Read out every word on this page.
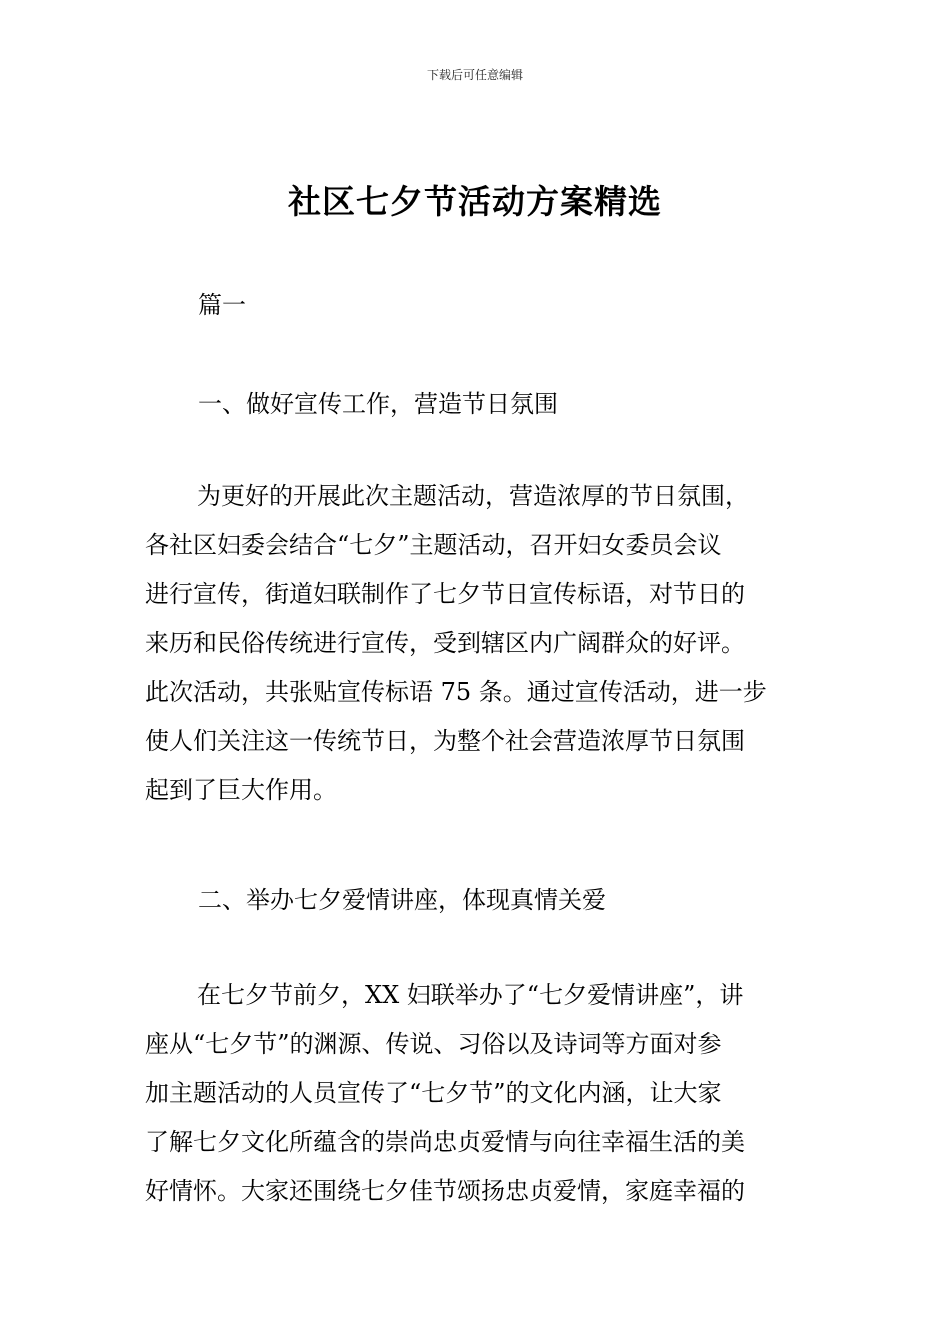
下载后可任意编辑
社区七夕节活动方案精选
篇一
一、做好宣传工作，营造节日氛围
为更好的开展此次主题活动，营造浓厚的节日氛围，
各社区妇委会结合“七夕”主题活动，召开妇女委员会议
进行宣传，街道妇联制作了七夕节日宣传标语，对节日的
来历和民俗传统进行宣传，受到辖区内广阔群众的好评。
此次活动，共张贴宣传标语 75 条。通过宣传活动，进一步
使人们关注这一传统节日，为整个社会营造浓厚节日氛围
起到了巨大作用。
二、举办七夕爱情讲座，体现真情关爱
在七夕节前夕，XX 妇联举办了“七夕爱情讲座”，讲
座从“七夕节”的渊源、传说、习俗以及诗词等方面对参
加主题活动的人员宣传了“七夕节”的文化内涵，让大家
了解七夕文化所蕴含的崇尚忠贞爱情与向往幸福生活的美
好情怀。大家还围绕七夕佳节颂扬忠贞爱情，家庭幸福的
